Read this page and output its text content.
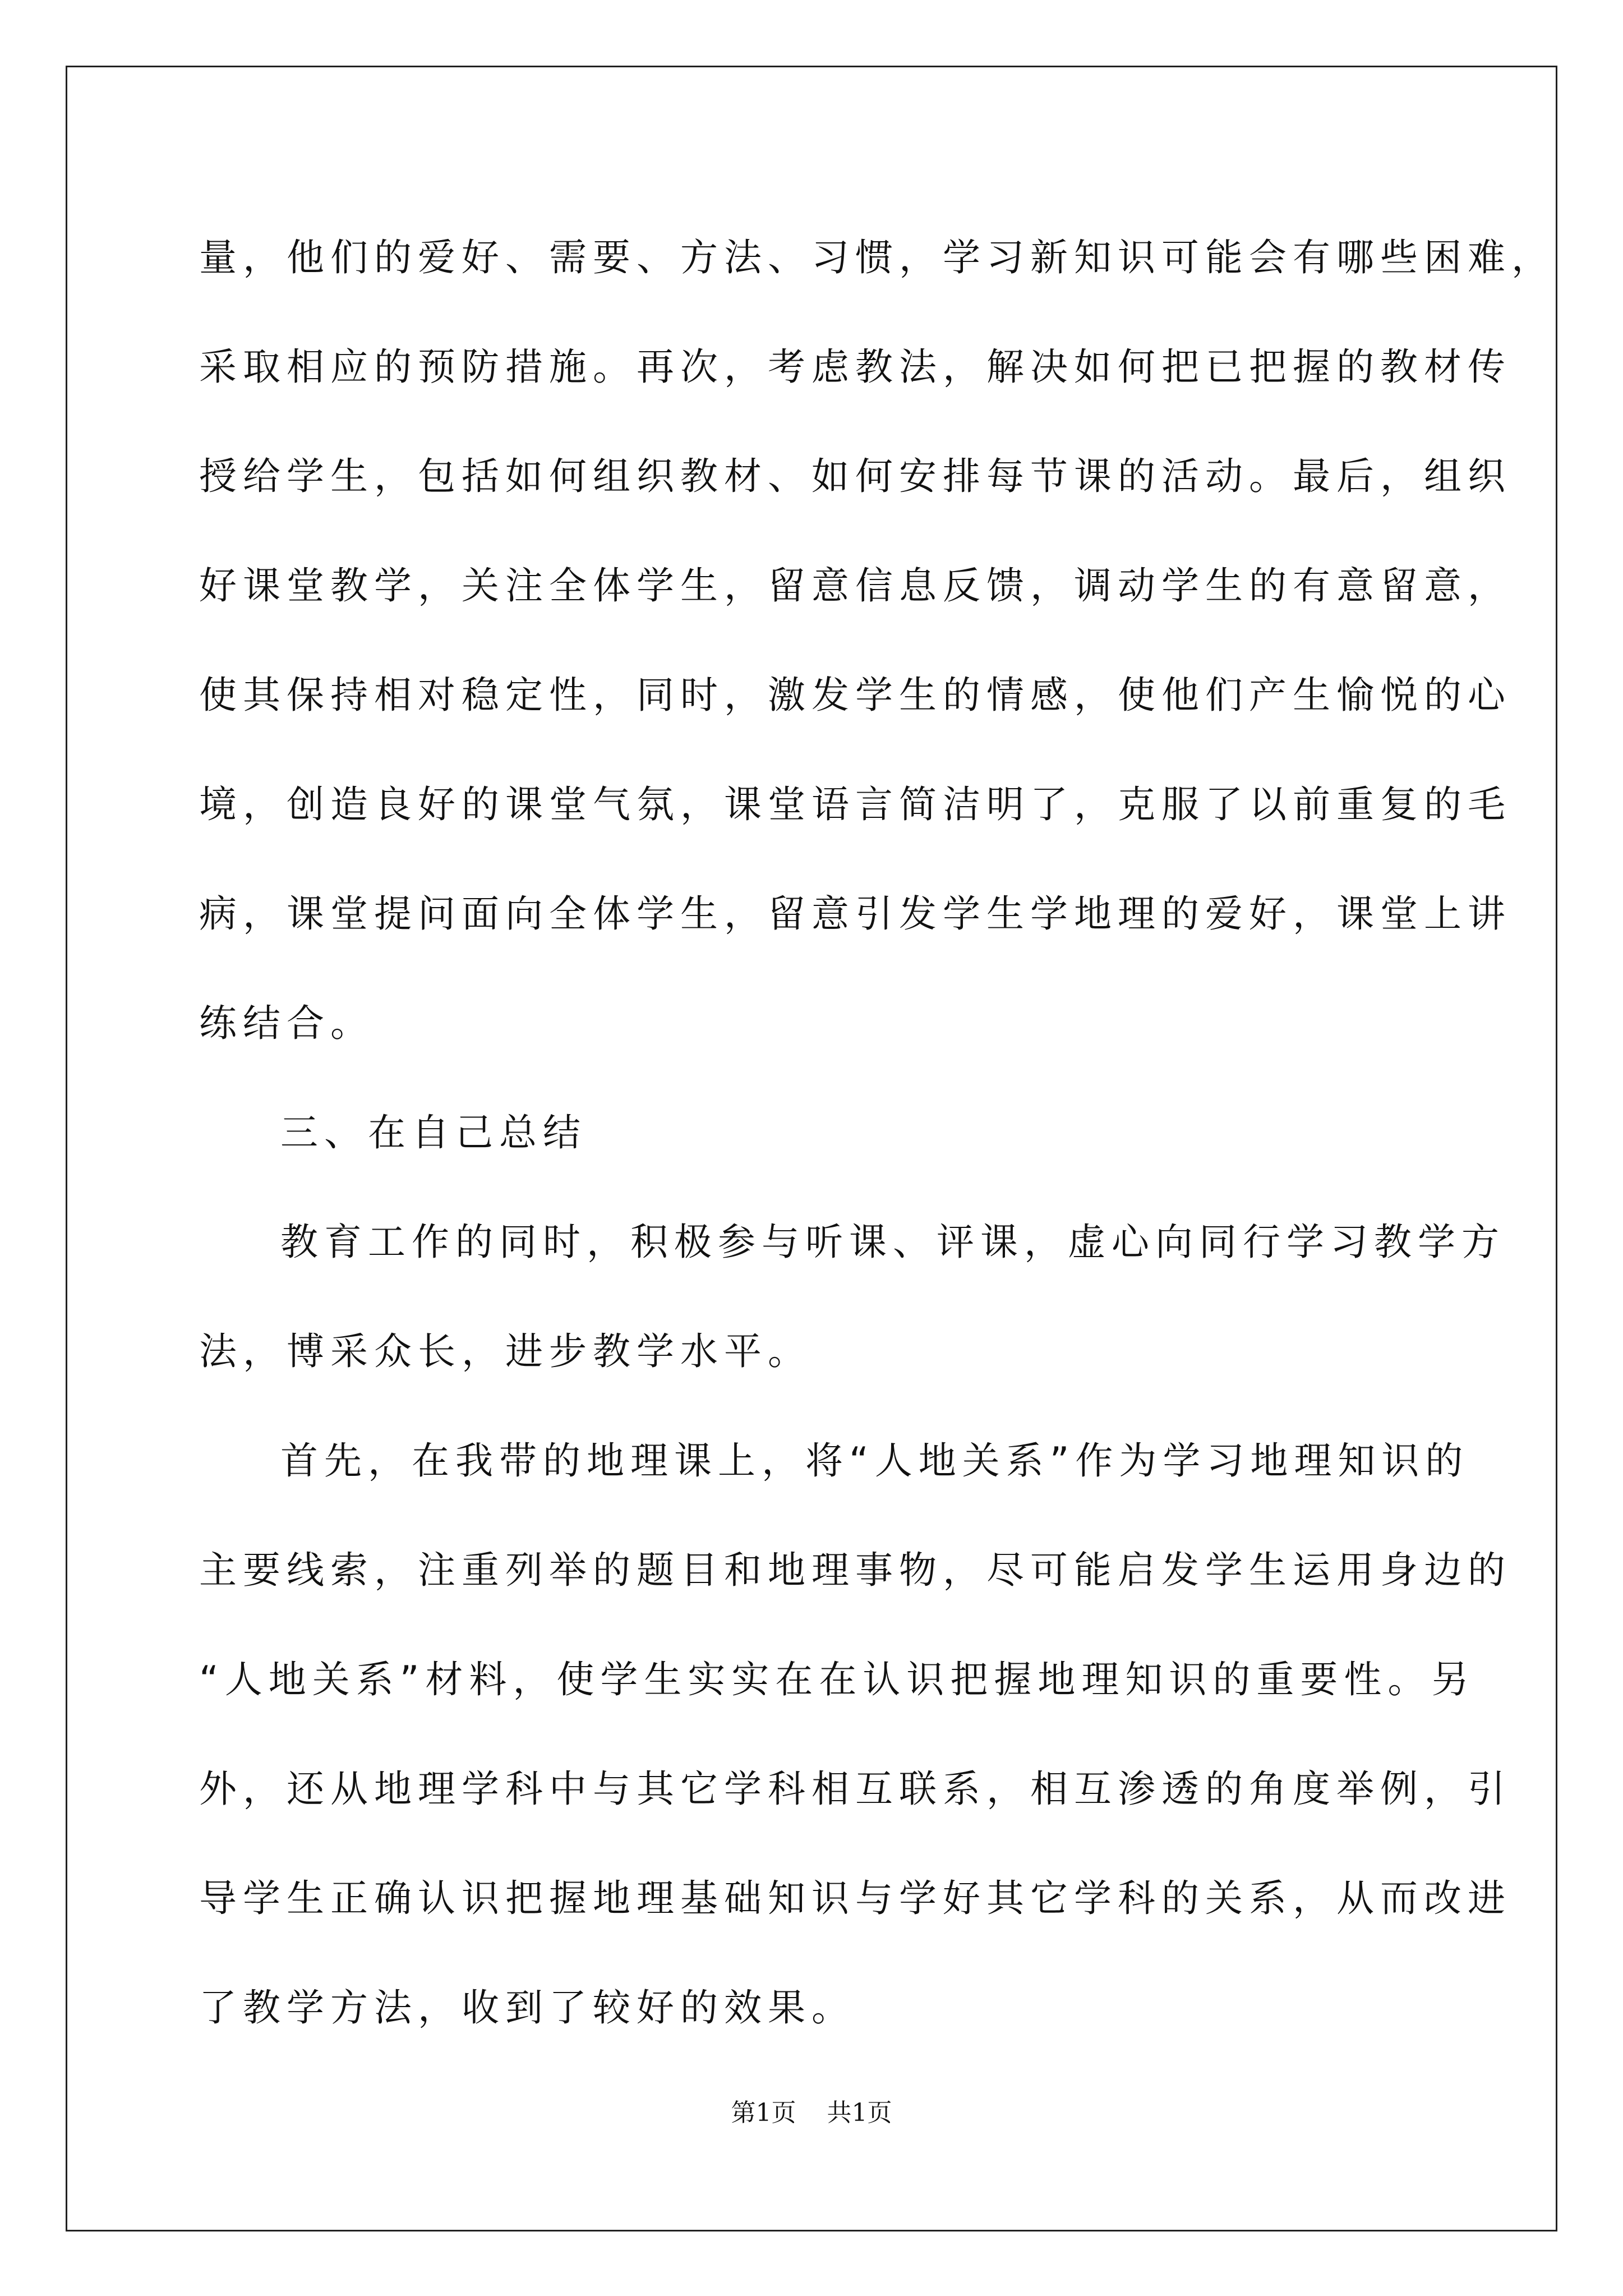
量，他们的爱好、需要、方法、习惯，学习新知识可能会有哪些困难，
采取相应的预防措施。再次，考虑教法，解决如何把已把握的教材传
授给学生，包括如何组织教材、如何安排每节课的活动。最后，组织
好课堂教学，关注全体学生，留意信息反馈，调动学生的有意留意，
使其保持相对稳定性，同时，激发学生的情感，使他们产生愉悦的心
境，创造良好的课堂气氛，课堂语言简洁明了，克服了以前重复的毛
病，课堂提问面向全体学生，留意引发学生学地理的爱好，课堂上讲
练结合。
三、在自己总结
教育工作的同时，积极参与听课、评课，虚心向同行学习教学方
法，博采众长，进步教学水平。
首先，在我带的地理课上，将“人地关系”作为学习地理知识的
主要线索，注重列举的题目和地理事物，尽可能启发学生运用身边的
“人地关系”材料，使学生实实在在认识把握地理知识的重要性。另
外，还从地理学科中与其它学科相互联系，相互渗透的角度举例，引
导学生正确认识把握地理基础知识与学好其它学科的关系，从而改进
了教学方法，收到了较好的效果。
第1页 共1页
